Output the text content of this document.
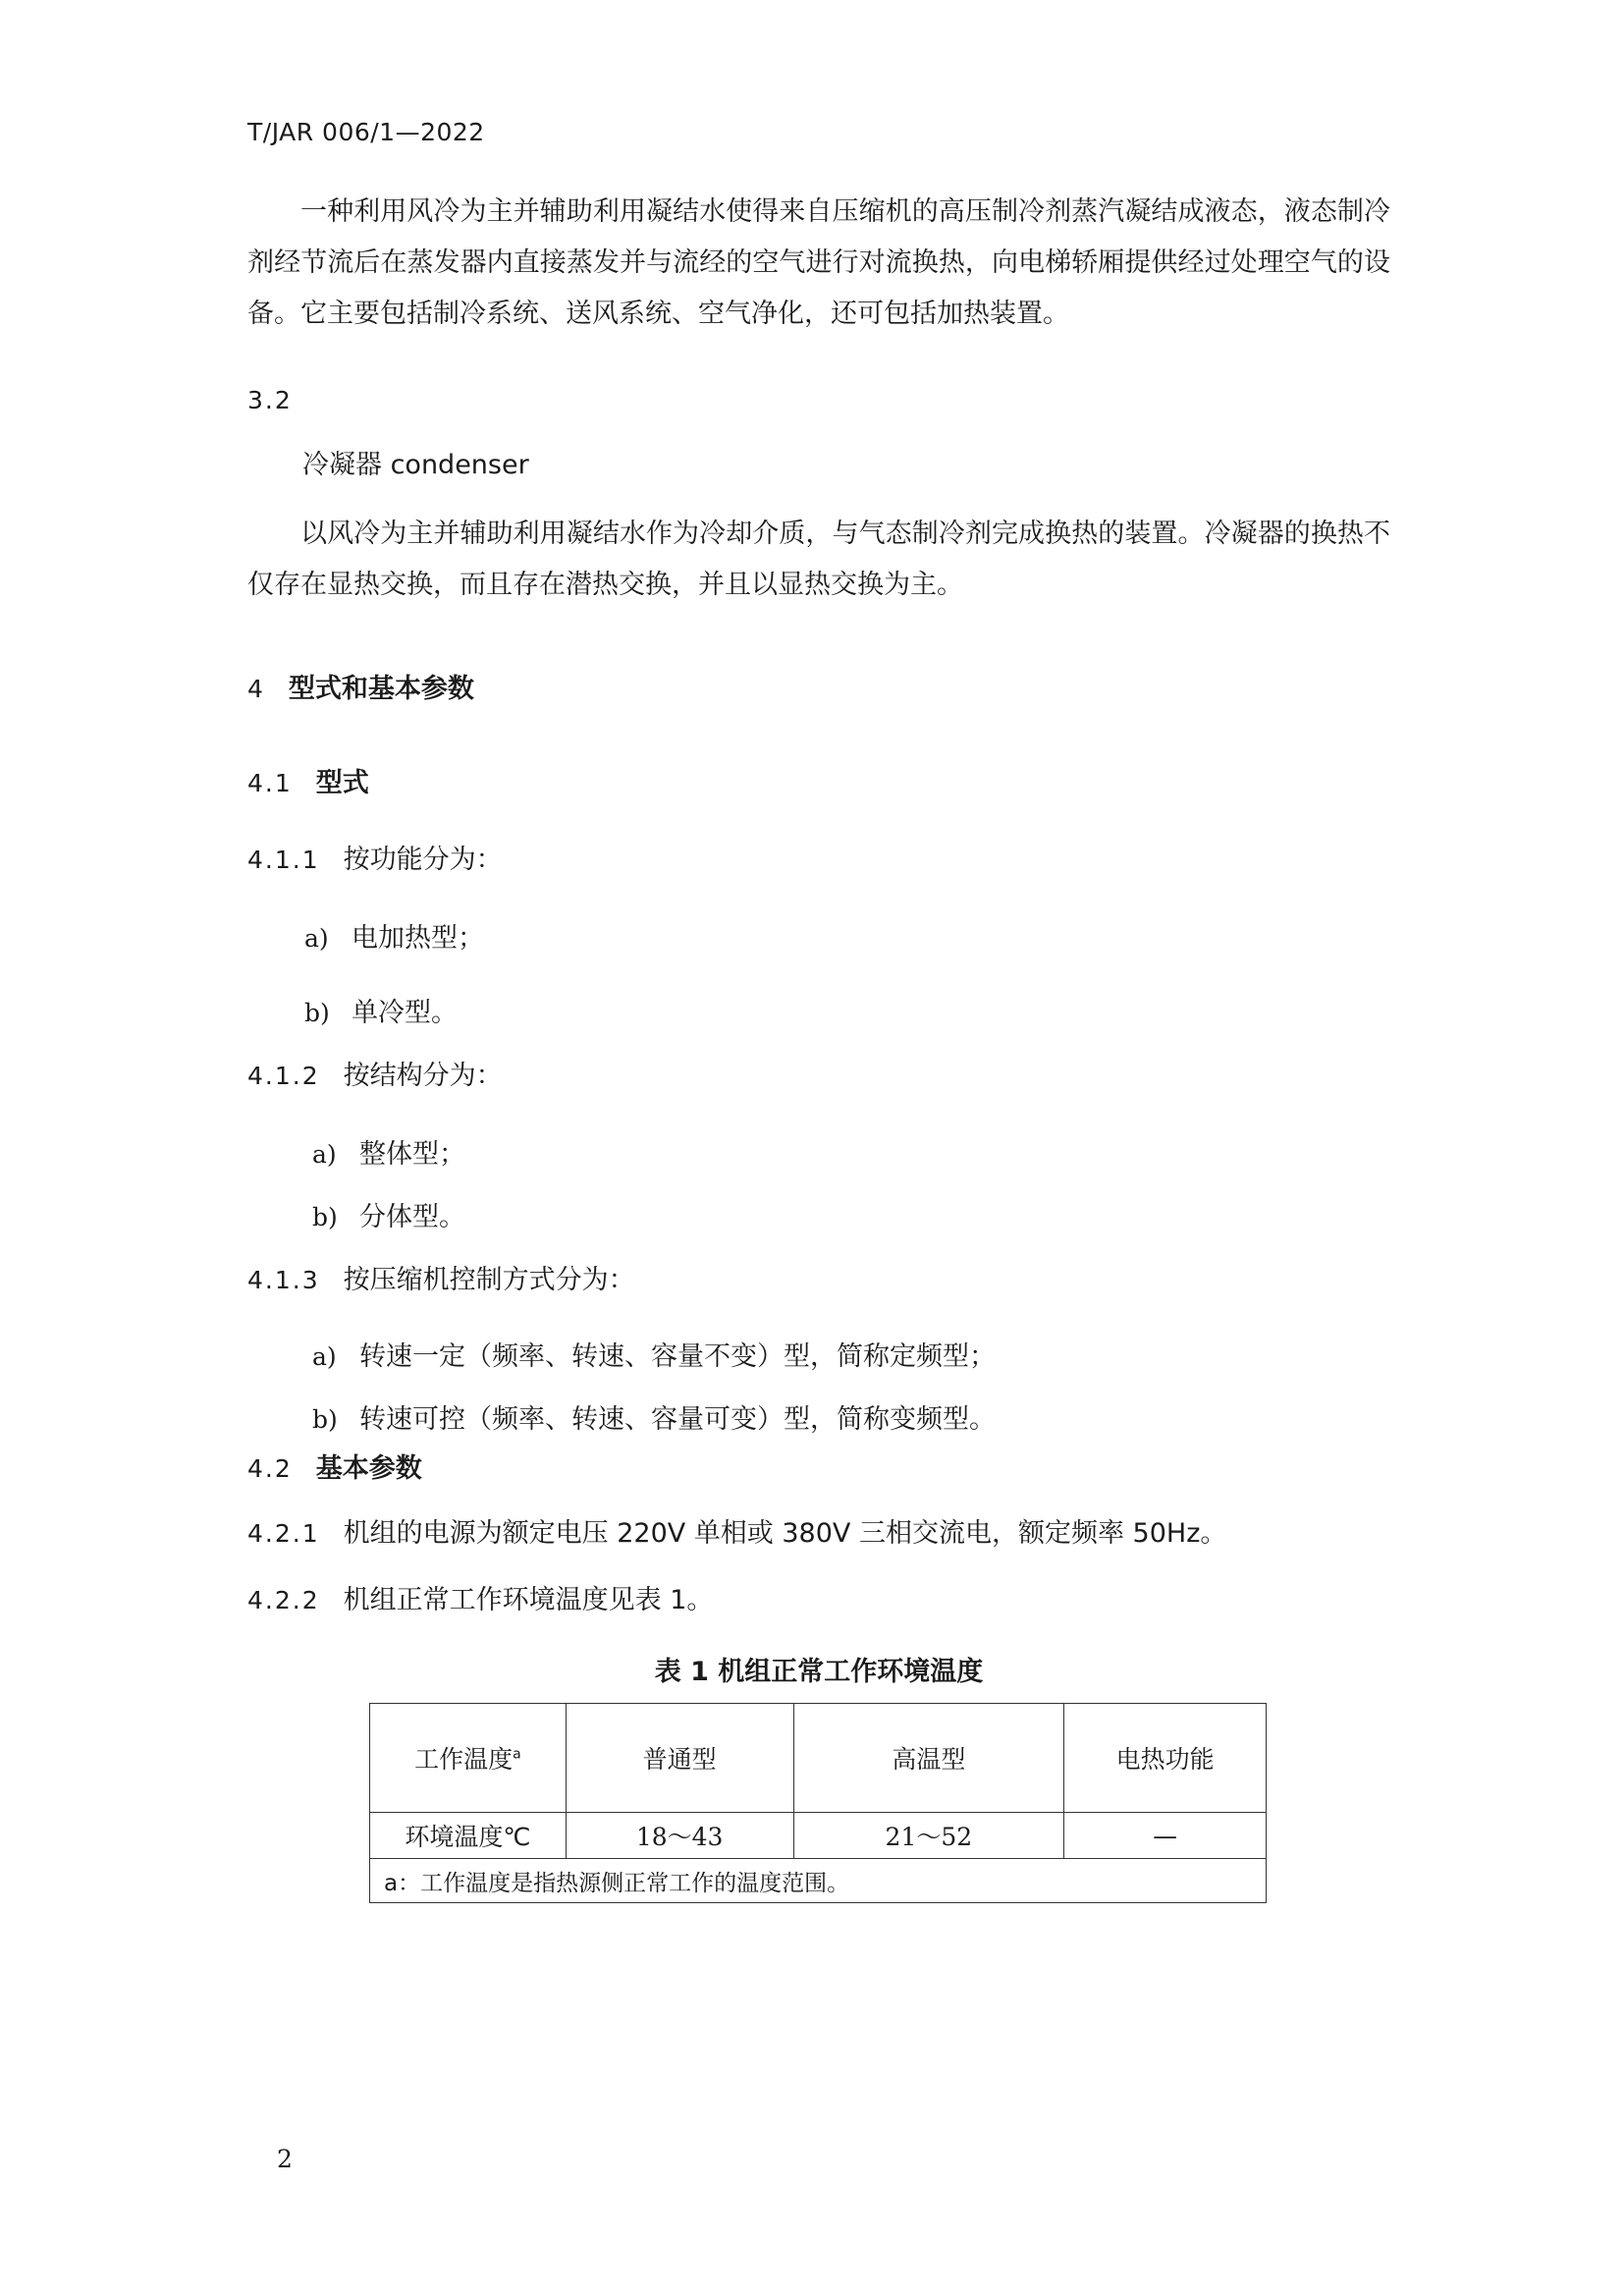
T/JAR 006/1—2022

一种利用风冷为主并辅助利用凝结水使得来自压缩机的高压制冷剂蒸汽凝结成液态，液态制冷剂经节流后在蒸发器内直接蒸发并与流经的空气进行对流换热，向电梯轿厢提供经过处理空气的设备。它主要包括制冷系统、送风系统、空气净化，还可包括加热装置。

3.2
冷凝器 condenser

以风冷为主并辅助利用凝结水作为冷却介质，与气态制冷剂完成换热的装置。冷凝器的换热不仅存在显热交换，而且存在潜热交换，并且以显热交换为主。

4 型式和基本参数
4.1 型式
4.1.1 按功能分为：
a) 电加热型；
b) 单冷型。
4.1.2 按结构分为：
a) 整体型；
b) 分体型。
4.1.3 按压缩机控制方式分为：
a) 转速一定（频率、转速、容量不变）型，简称定频型；
b) 转速可控（频率、转速、容量可变）型，简称变频型。
4.2 基本参数
4.2.1 机组的电源为额定电压 220V 单相或 380V 三相交流电，额定频率 50Hz。
4.2.2 机组正常工作环境温度见表 1。
表 1 机组正常工作环境温度
工作温度$^a$	普通型	高温型	电热功能
环境温度℃	18～43	21～52	—
a：工作温度是指热源侧正常工作的温度范围。			
2
